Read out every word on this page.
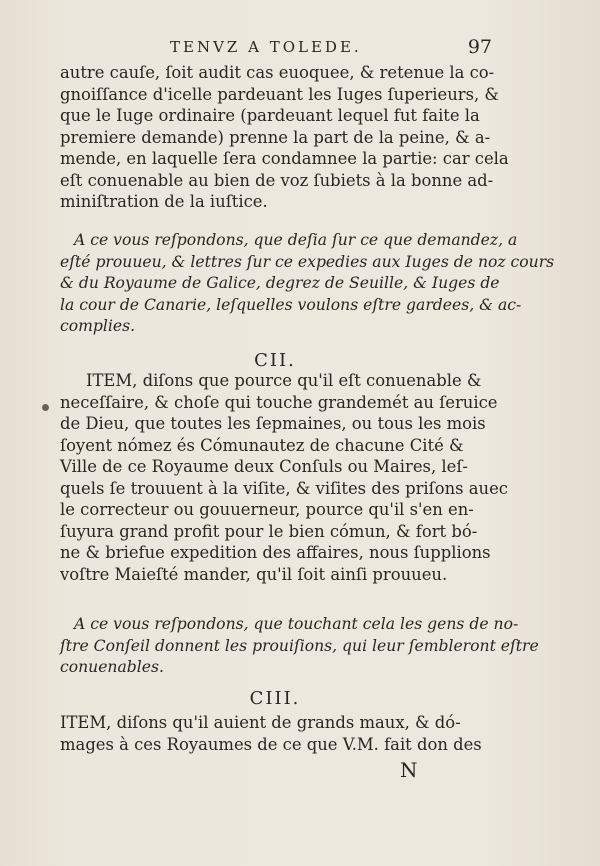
TENVZ A TOLEDE.	97
autre cauſe, ſoit audit cas euoquee, & retenue la co-
gnoiſſance d'icelle pardeuant les Iuges ſuperieurs, &
que le Iuge ordinaire (pardeuant lequel fut faite la
premiere demande) prenne la part de la peine, & a-
mende, en laquelle ſera condamnee la partie: car cela
eſt conuenable au bien de voz ſubiets à la bonne ad-
miniſtration de la iuſtice.
A ce vous reſpondons, que deſia ſur ce que demandez, a
eſté prouueu, & lettres ſur ce expedies aux Iuges de noz cours
& du Royaume de Galice, degrez de Seuille, & Iuges de
la cour de Canarie, leſquelles voulons eſtre gardees, & ac-
complies.
CII.
ITEM, diſons que pource qu'il eſt conuenable &
neceſſaire, & choſe qui touche grandemét au ſeruice
de Dieu, que toutes les ſepmaines, ou tous les mois
ſoyent nómez és Cómunautez de chacune Cité &
Ville de ce Royaume deux Conſuls ou Maires, leſ-
quels ſe trouuent à la viſite, & viſites des priſons auec
le correcteur ou gouuerneur, pource qu'il s'en en-
ſuyura grand profit pour le bien cómun, & fort bó-
ne & briefue expedition des affaires, nous ſupplions
voſtre Maieſté mander, qu'il ſoit ainſi prouueu.
A ce vous reſpondons, que touchant cela les gens de no-
ſtre Conſeil donnent les prouiſions, qui leur ſembleront eſtre
conuenables.
CIII.
ITEM, diſons qu'il auient de grands maux, & dó-
mages à ces Royaumes de ce que V.M. fait don des
N
